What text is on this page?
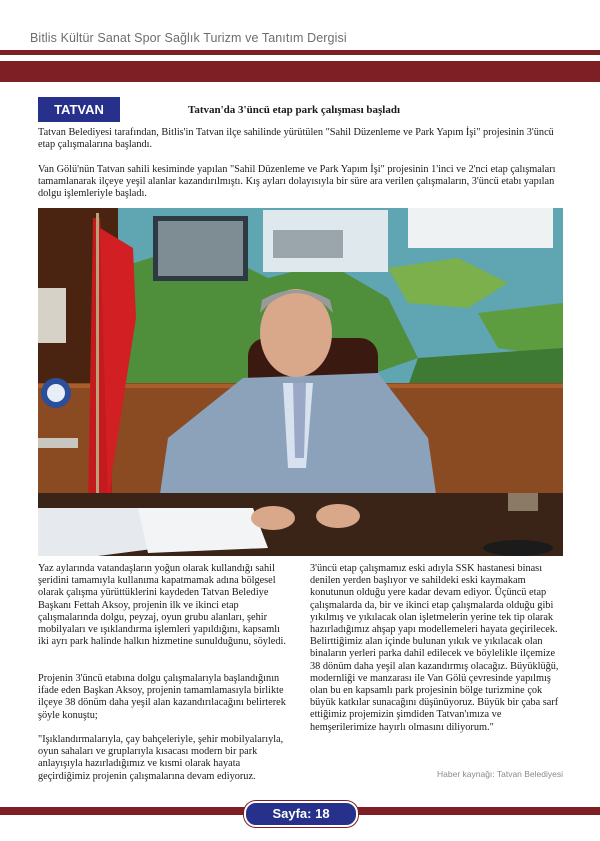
Bitlis Kültür Sanat Spor Sağlık Turizm ve Tanıtım Dergisi
TATVAN	Tatvan'da 3'üncü etap park çalışması başladı

Tatvan Belediyesi tarafından, Bitlis'in Tatvan ilçe sahilinde yürütülen "Sahil Düzenleme ve Park Yapım İşi" projesinin 3'üncü etap çalışmalarına başlandı.

Van Gölü'nün Tatvan sahili kesiminde yapılan "Sahil Düzenleme ve Park Yapım İşi" projesinin 1'inci ve 2'nci etap çalışmaları tamamlanarak ilçeye yeşil alanlar kazandırılmıştı. Kış ayları dolayısıyla bir süre ara verilen çalışmaların, 3'üncü etabı yapılan dolgu işlemleriyle başladı.

Yaz aylarında vatandaşların yoğun olarak kullandığı sahil şeridini tamamıyla kullanıma kapatmamak adına bölgesel olarak çalışma yürüttüklerini kaydeden Tatvan Belediye Başkanı Fettah Aksoy, projenin ilk ve ikinci etap çalışmalarında dolgu, peyzaj, oyun grubu alanları, şehir mobilyaları ve ışıklandırma işlemleri yapıldığını, kapsamlı iki ayrı park halinde halkın hizmetine sunulduğunu, söyledi.

Projenin 3'üncü etabına dolgu çalışmalarıyla başlandığının ifade eden Başkan Aksoy, projenin tamamlamasıyla birlikte ilçeye 38 dönüm daha yeşil alan kazandırılacağını belirterek şöyle konuştu;

"Işıklandırmalarıyla, çay bahçeleriyle, şehir mobilyalarıyla, oyun sahaları ve gruplarıyla kısacası modern bir park anlayışıyla hazırladığımız ve kısmi olarak hayata geçirdiğimiz projenin çalışmalarına devam ediyoruz.

3'üncü etap çalışmamız eski adıyla SSK hastanesi binası denilen yerden başlıyor ve sahildeki eski kaymakam konutunun olduğu yere kadar devam ediyor. Üçüncü etap çalışmalarda da, bir ve ikinci etap çalışmalarda olduğu gibi yıkılmış ve yıkılacak olan işletmelerin yerine tek tip olarak hazırladığımız ahşap yapı modellemeleri hayata geçirilecek. Belirttiğimiz alan içinde bulunan yıkık ve yıkılacak olan binaların yerleri parka dahil edilecek ve böylelikle ilçemize 38 dönüm daha yeşil alan kazandırmış olacağız. Büyüklüğü, modernliği ve manzarası ile Van Gölü çevresinde yapılmış olan bu en kapsamlı park projesinin bölge turizmine çok büyük katkılar sunacağını düşünüyoruz. Büyük bir çaba sarf ettiğimiz projemizin şimdiden Tatvan'ımıza ve hemşerilerimize hayırlı olmasını diliyorum."

Haber kaynağı: Tatvan Belediyesi
Sayfa: 18
